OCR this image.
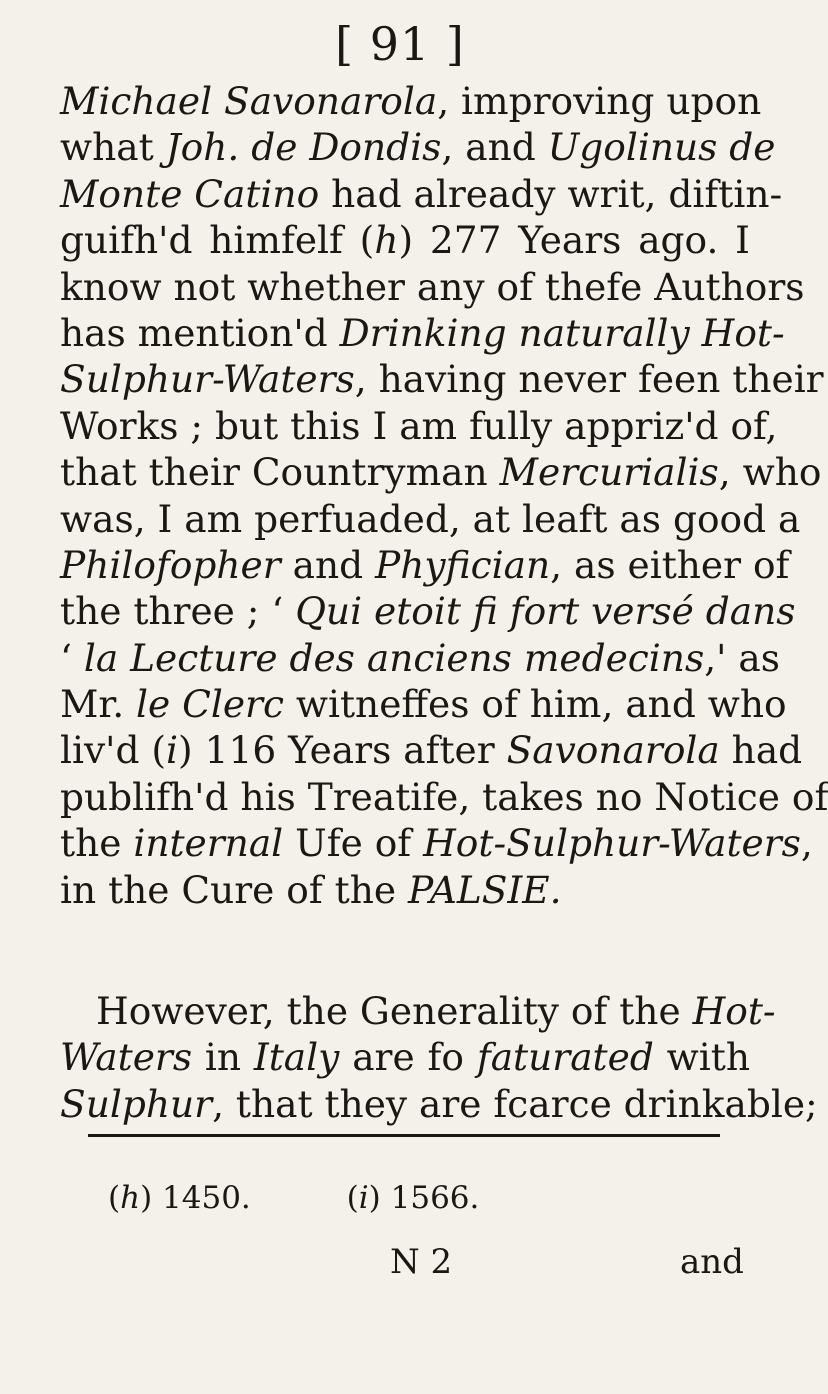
[ 91 ]
Michael Savonarola, improving upon
what Joh. de Dondis, and Ugolinus de
Monte Catino had already writ, diftin-
guifh'd himfelf (h) 277 Years ago. I
know not whether any of thefe Authors
has mention'd Drinking naturally Hot-
Sulphur-Waters, having never feen their
Works ; but this I am fully appriz'd of,
that their Countryman Mercurialis, who
was, I am perfuaded, at leaft as good a
Philofopher and Phyfician, as either of
the three ; ‘ Qui etoit fi fort versé dans
‘ la Lecture des anciens medecins,' as
Mr. le Clerc witneffes of him, and who
liv'd (i) 116 Years after Savonarola had
publifh'd his Treatife, takes no Notice of
the internal Ufe of Hot-Sulphur-Waters,
in the Cure of the PALSIE.
However, the Generality of the Hot-
Waters in Italy are fo faturated with
Sulphur, that they are fcarce drinkable;
(h) 1450.	(i) 1566.
N 2	and
